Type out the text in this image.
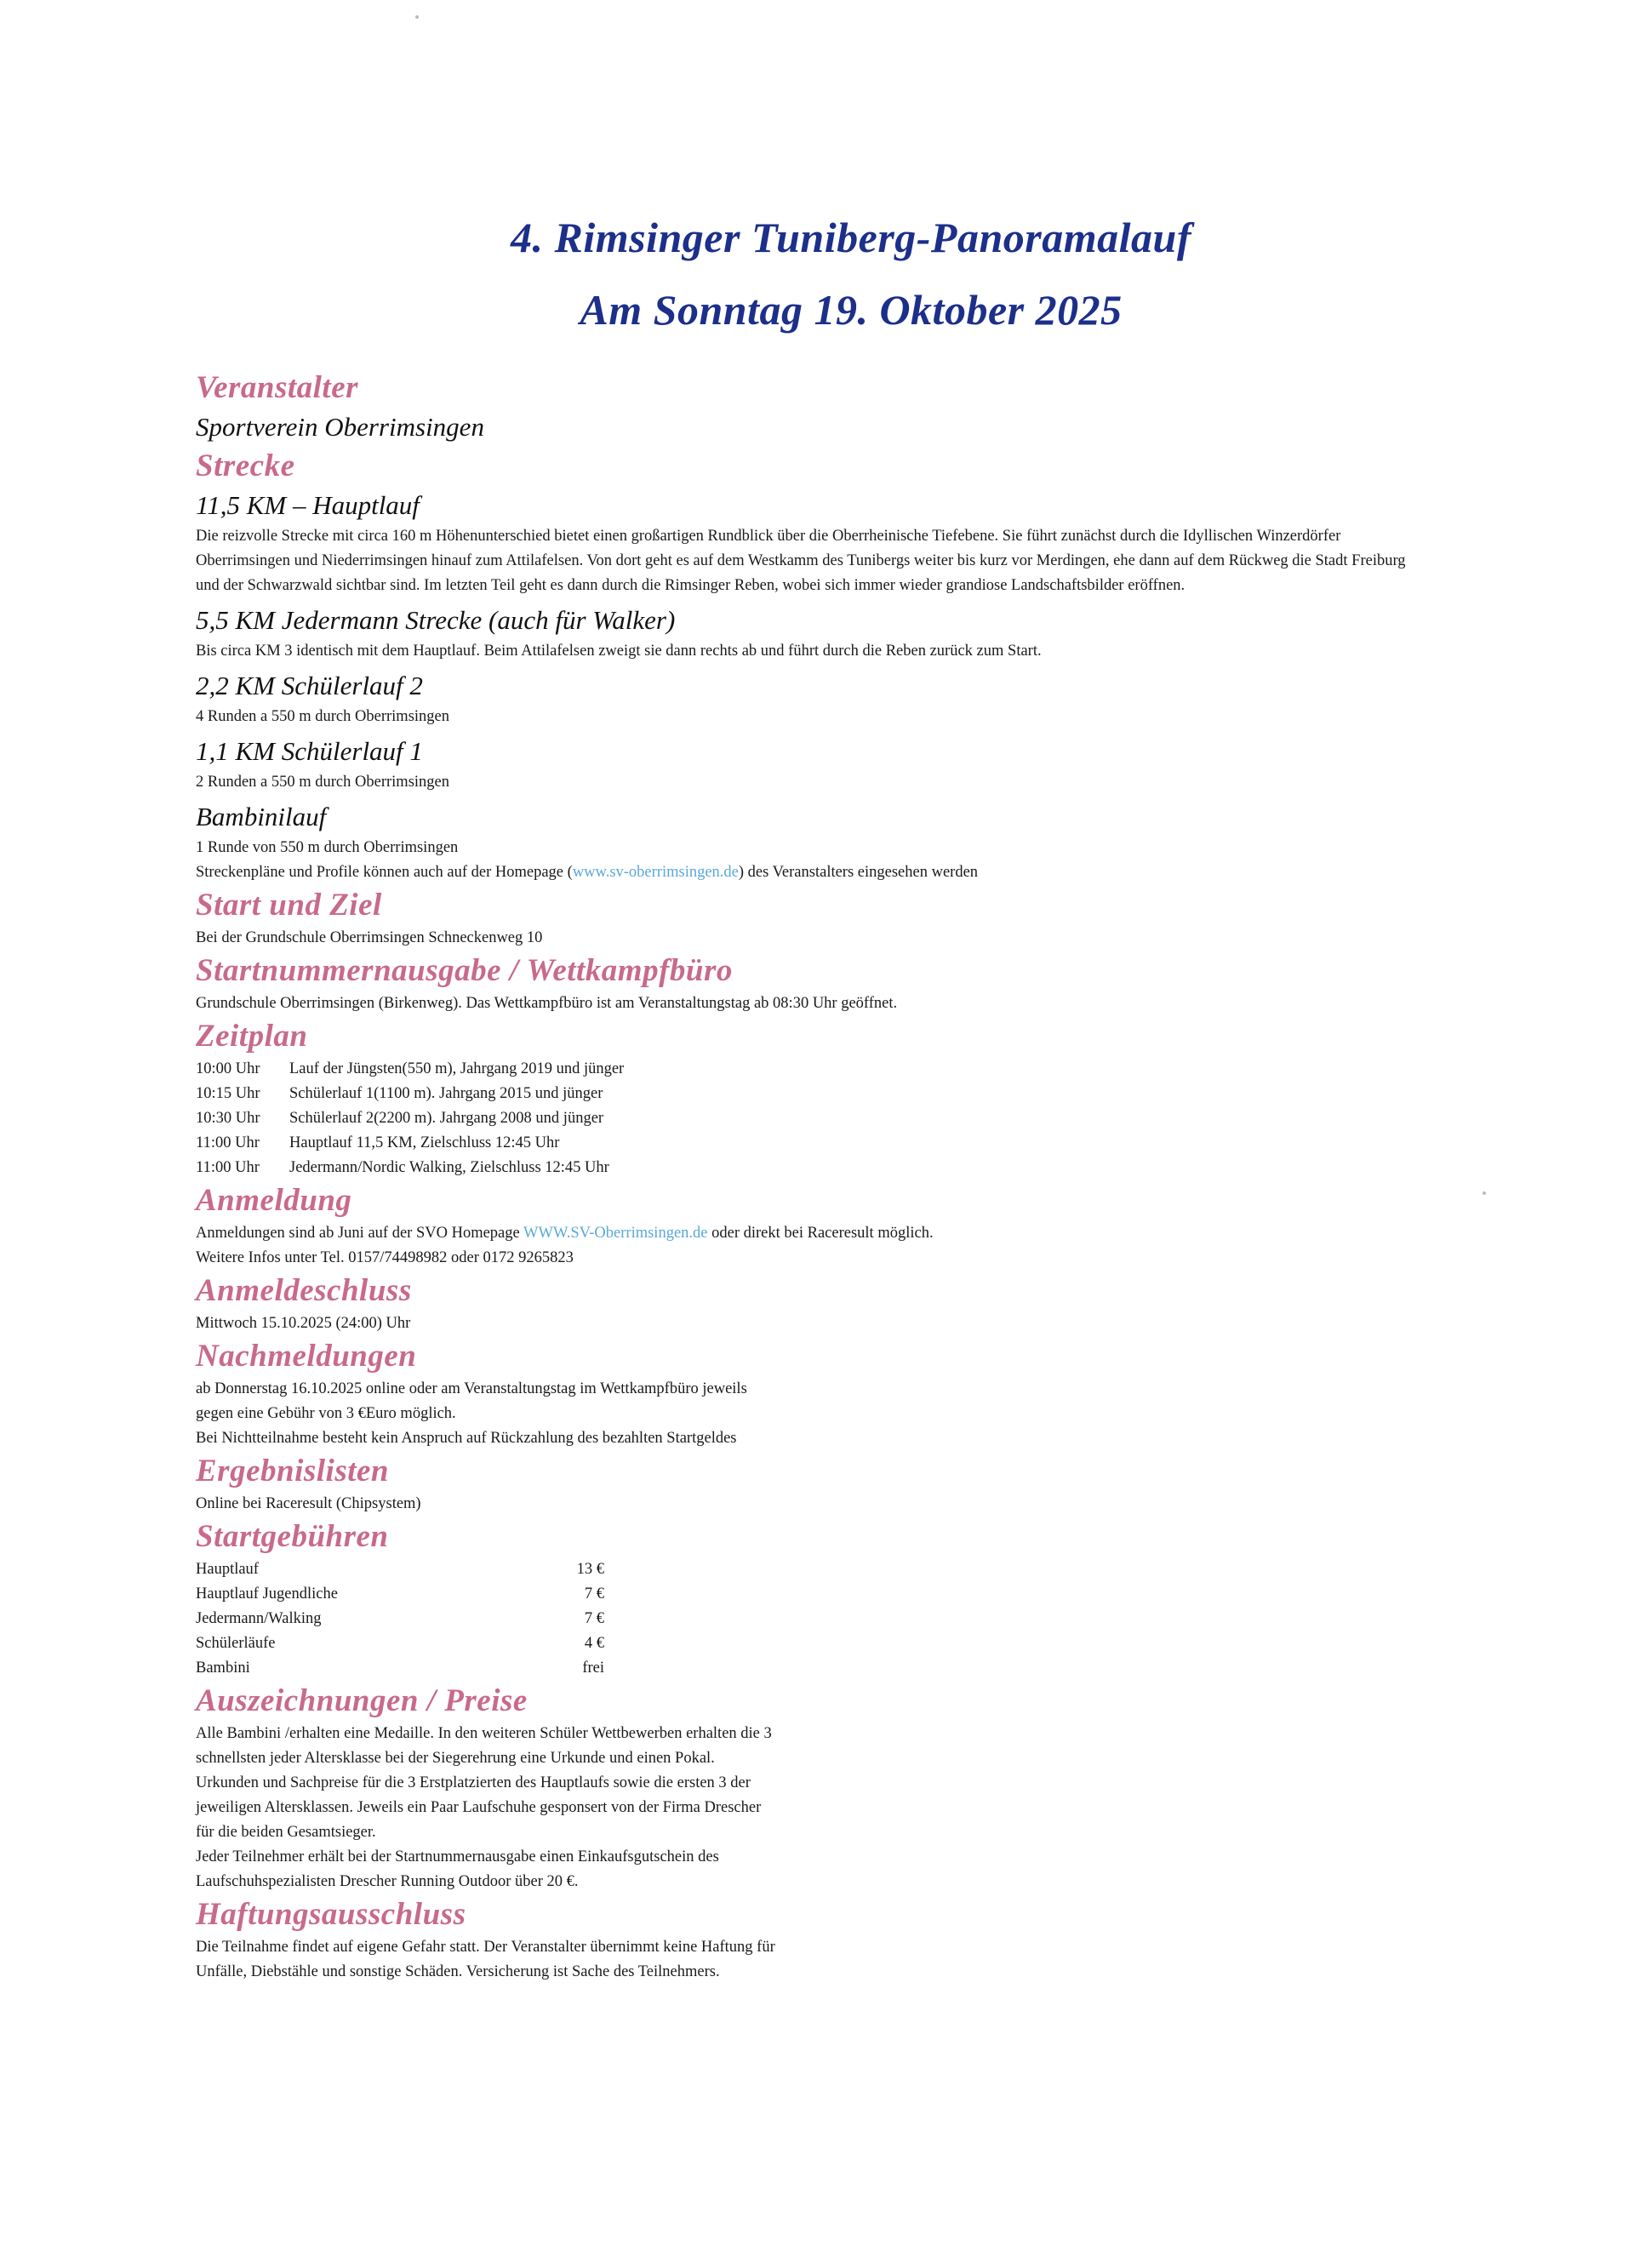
4. Rimsinger Tuniberg-Panoramalauf
Am Sonntag 19. Oktober 2025
Veranstalter
Sportverein Oberrimsingen
Strecke
11,5 KM – Hauptlauf

Die reizvolle Strecke mit circa 160 m Höhenunterschied bietet einen großartigen Rundblick über die Oberrheinische Tiefebene. Sie führt zunächst durch die Idyllischen Winzerdörfer Oberrimsingen und Niederrimsingen hinauf zum Attilafelsen. Von dort geht es auf dem Westkamm des Tunibergs weiter bis kurz vor Merdingen, ehe dann auf dem Rückweg die Stadt Freiburg und der Schwarzwald sichtbar sind. Im letzten Teil geht es dann durch die Rimsinger Reben, wobei sich immer wieder grandiose Landschaftsbilder eröffnen.

5,5 KM Jedermann Strecke (auch für Walker)

Bis circa KM 3 identisch mit dem Hauptlauf. Beim Attilafelsen zweigt sie dann rechts ab und führt durch die Reben zurück zum Start.

2,2 KM Schülerlauf 2

4 Runden a 550 m durch Oberrimsingen

1,1 KM Schülerlauf 1

2 Runden a 550 m durch Oberrimsingen

Bambinilauf

1 Runde von 550 m durch Oberrimsingen

Streckenpläne und Profile können auch auf der Homepage (www.sv-oberrimsingen.de) des Veranstalters eingesehen werden

Start und Ziel

Bei der Grundschule Oberrimsingen Schneckenweg 10

Startnummernausgabe / Wettkampfbüro

Grundschule Oberrimsingen (Birkenweg). Das Wettkampfbüro ist am Veranstaltungstag ab 08:30 Uhr geöffnet.

Zeitplan
10:00 Uhr	Lauf der Jüngsten(550 m), Jahrgang 2019 und jünger
10:15 Uhr	Schülerlauf 1(1100 m). Jahrgang 2015 und jünger
10:30 Uhr	Schülerlauf 2(2200 m). Jahrgang 2008 und jünger
11:00 Uhr	Hauptlauf 11,5 KM, Zielschluss 12:45 Uhr
11:00 Uhr	Jedermann/Nordic Walking, Zielschluss 12:45 Uhr
Anmeldung

Anmeldungen sind ab Juni auf der SVO Homepage WWW.SV-Oberrimsingen.de oder direkt bei Raceresult möglich.

Weitere Infos unter Tel. 0157/74498982 oder 0172 9265823

Anmeldeschluss

Mittwoch 15.10.2025 (24:00) Uhr

Nachmeldungen

ab Donnerstag 16.10.2025 online oder am Veranstaltungstag im Wettkampfbüro jeweils

gegen eine Gebühr von 3 €Euro möglich.

Bei Nichtteilnahme besteht kein Anspruch auf Rückzahlung des bezahlten Startgeldes

Ergebnislisten

Online bei Raceresult (Chipsystem)

Startgebühren
Hauptlauf	13 €
Hauptlauf Jugendliche	7 €
Jedermann/Walking	7 €
Schülerläufe	4 €
Bambini	frei
Auszeichnungen / Preise

Alle Bambini /erhalten eine Medaille. In den weiteren Schüler Wettbewerben erhalten die 3

schnellsten jeder Altersklasse bei der Siegerehrung eine Urkunde und einen Pokal.

Urkunden und Sachpreise für die 3 Erstplatzierten des Hauptlaufs sowie die ersten 3 der

jeweiligen Altersklassen. Jeweils ein Paar Laufschuhe gesponsert von der Firma Drescher

für die beiden Gesamtsieger.

Jeder Teilnehmer erhält bei der Startnummernausgabe einen Einkaufsgutschein des

Laufschuhspezialisten Drescher Running Outdoor über 20 €.

Haftungsausschluss

Die Teilnahme findet auf eigene Gefahr statt. Der Veranstalter übernimmt keine Haftung für

Unfälle, Diebstähle und sonstige Schäden. Versicherung ist Sache des Teilnehmers.
